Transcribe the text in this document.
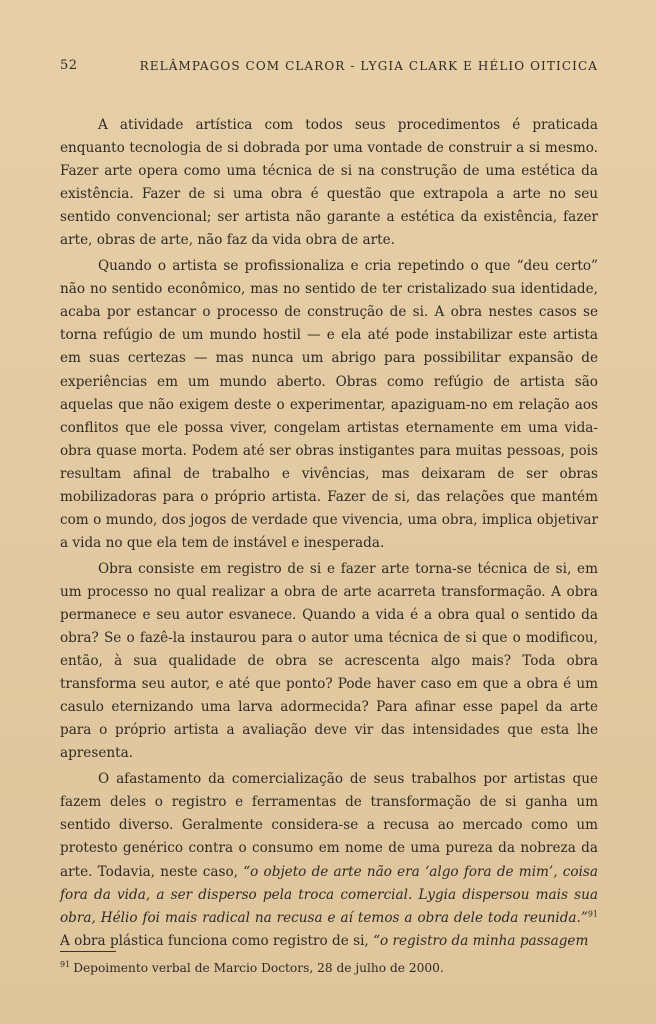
52	RELÂMPAGOS COM CLAROR - LYGIA CLARK E HÉLIO OITICICA

A atividade artística com todos seus procedimentos é praticada enquanto tecnologia de si dobrada por uma vontade de construir a si mesmo. Fazer arte opera como uma técnica de si na construção de uma estética da existência. Fazer de si uma obra é questão que extrapola a arte no seu sentido convencional; ser artista não garante a estética da existência, fazer arte, obras de arte, não faz da vida obra de arte.

Quando o artista se profissionaliza e cria repetindo o que “deu certo” não no sentido econômico, mas no sentido de ter cristalizado sua identidade, acaba por estancar o processo de construção de si. A obra nestes casos se torna refúgio de um mundo hostil — e ela até pode instabilizar este artista em suas certezas — mas nunca um abrigo para possibilitar expansão de experiências em um mundo aberto. Obras como refúgio de artista são aquelas que não exigem deste o experimentar, apaziguam-no em relação aos conflitos que ele possa viver, congelam artistas eternamente em uma vida-obra quase morta. Podem até ser obras instigantes para muitas pessoas, pois resultam afinal de trabalho e vivências, mas deixaram de ser obras mobilizadoras para o próprio artista. Fazer de si, das relações que mantém com o mundo, dos jogos de verdade que vivencia, uma obra, implica objetivar a vida no que ela tem de instável e inesperada.

Obra consiste em registro de si e fazer arte torna-se técnica de si, em um processo no qual realizar a obra de arte acarreta transformação. A obra permanece e seu autor esvanece. Quando a vida é a obra qual o sentido da obra? Se o fazê-la instaurou para o autor uma técnica de si que o modificou, então, à sua qualidade de obra se acrescenta algo mais? Toda obra transforma seu autor, e até que ponto? Pode haver caso em que a obra é um casulo eternizando uma larva adormecida? Para afinar esse papel da arte para o próprio artista a avaliação deve vir das intensidades que esta lhe apresenta.

O afastamento da comercialização de seus trabalhos por artistas que fazem deles o registro e ferramentas de transformação de si ganha um sentido diverso. Geralmente considera-se a recusa ao mercado como um protesto genérico contra o consumo em nome de uma pureza da nobreza da arte. Todavia, neste caso, “o objeto de arte não era ‘algo fora de mim’, coisa fora da vida, a ser disperso pela troca comercial. Lygia dispersou mais sua obra, Hélio foi mais radical na recusa e aí temos a obra dele toda reunida.”$^{91}$ A obra plástica funciona como registro de si, “o registro da minha passagem

$^{91}$ Depoimento verbal de Marcio Doctors, 28 de julho de 2000.
